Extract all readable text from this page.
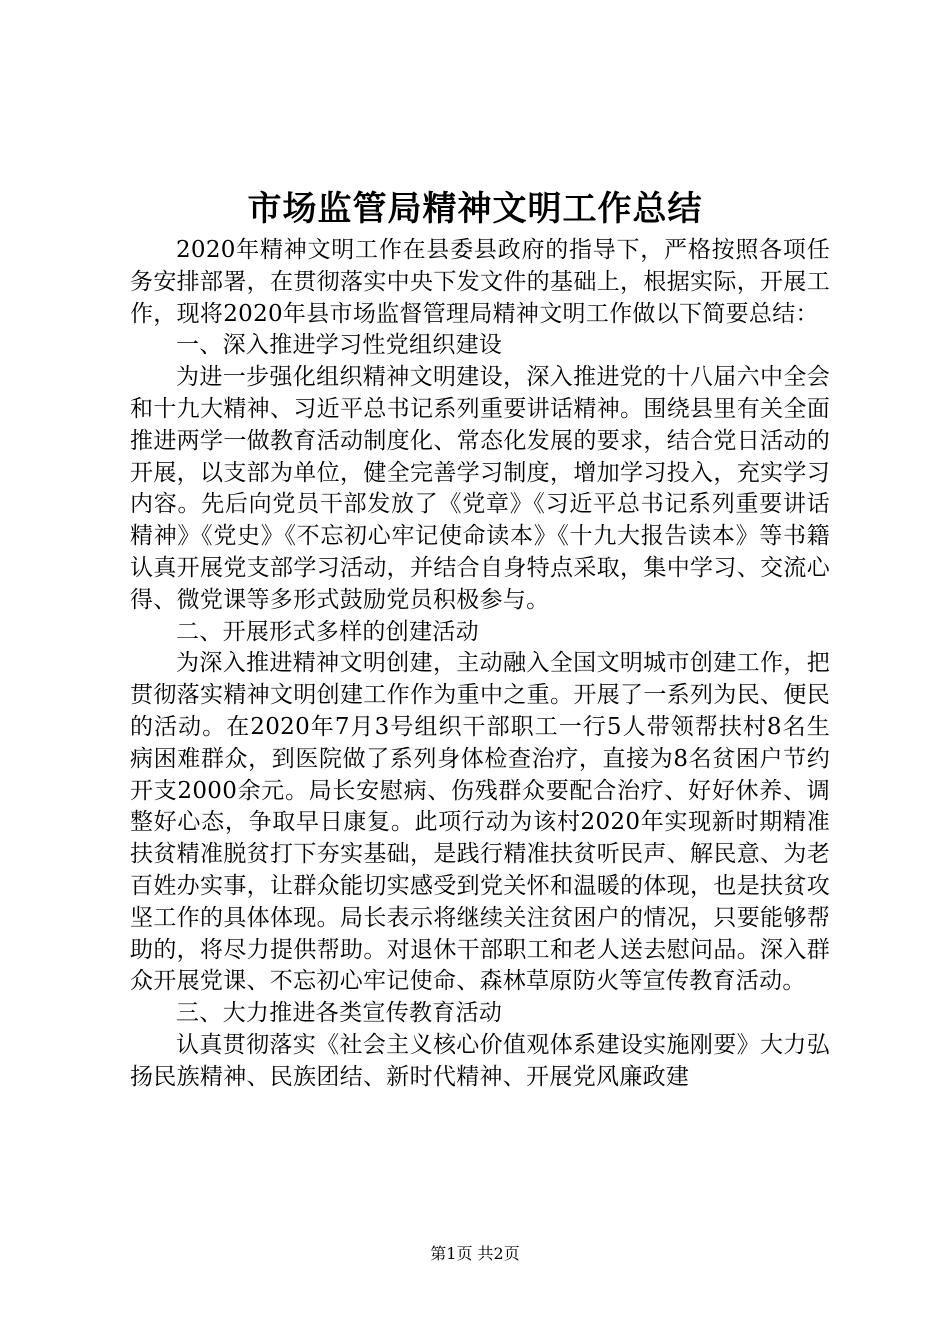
市场监管局精神文明工作总结

2020年精神文明工作在县委县政府的指导下，严格按照各项任务安排部署，在贯彻落实中央下发文件的基础上，根据实际，开展工作，现将2020年县市场监督管理局精神文明工作做以下简要总结：

一、深入推进学习性党组织建设

为进一步强化组织精神文明建设，深入推进党的十八届六中全会和十九大精神、习近平总书记系列重要讲话精神。围绕县里有关全面推进两学一做教育活动制度化、常态化发展的要求，结合党日活动的开展，以支部为单位，健全完善学习制度，增加学习投入，充实学习内容。先后向党员干部发放了《党章》《习近平总书记系列重要讲话精神》《党史》《不忘初心牢记使命读本》《十九大报告读本》等书籍认真开展党支部学习活动，并结合自身特点采取，集中学习、交流心得、微党课等多形式鼓励党员积极参与。

二、开展形式多样的创建活动

为深入推进精神文明创建，主动融入全国文明城市创建工作，把贯彻落实精神文明创建工作作为重中之重。开展了一系列为民、便民的活动。在2020年7月3号组织干部职工一行5人带领帮扶村8名生病困难群众，到医院做了系列身体检查治疗，直接为8名贫困户节约开支2000余元。局长安慰病、伤残群众要配合治疗、好好休养、调整好心态，争取早日康复。此项行动为该村2020年实现新时期精准扶贫精准脱贫打下夯实基础，是践行精准扶贫听民声、解民意、为老百姓办实事，让群众能切实感受到党关怀和温暖的体现，也是扶贫攻坚工作的具体体现。局长表示将继续关注贫困户的情况，只要能够帮助的，将尽力提供帮助。对退休干部职工和老人送去慰问品。深入群众开展党课、不忘初心牢记使命、森林草原防火等宣传教育活动。

三、大力推进各类宣传教育活动

认真贯彻落实《社会主义核心价值观体系建设实施刚要》大力弘扬民族精神、民族团结、新时代精神、开展党风廉政建

第1页 共2页
